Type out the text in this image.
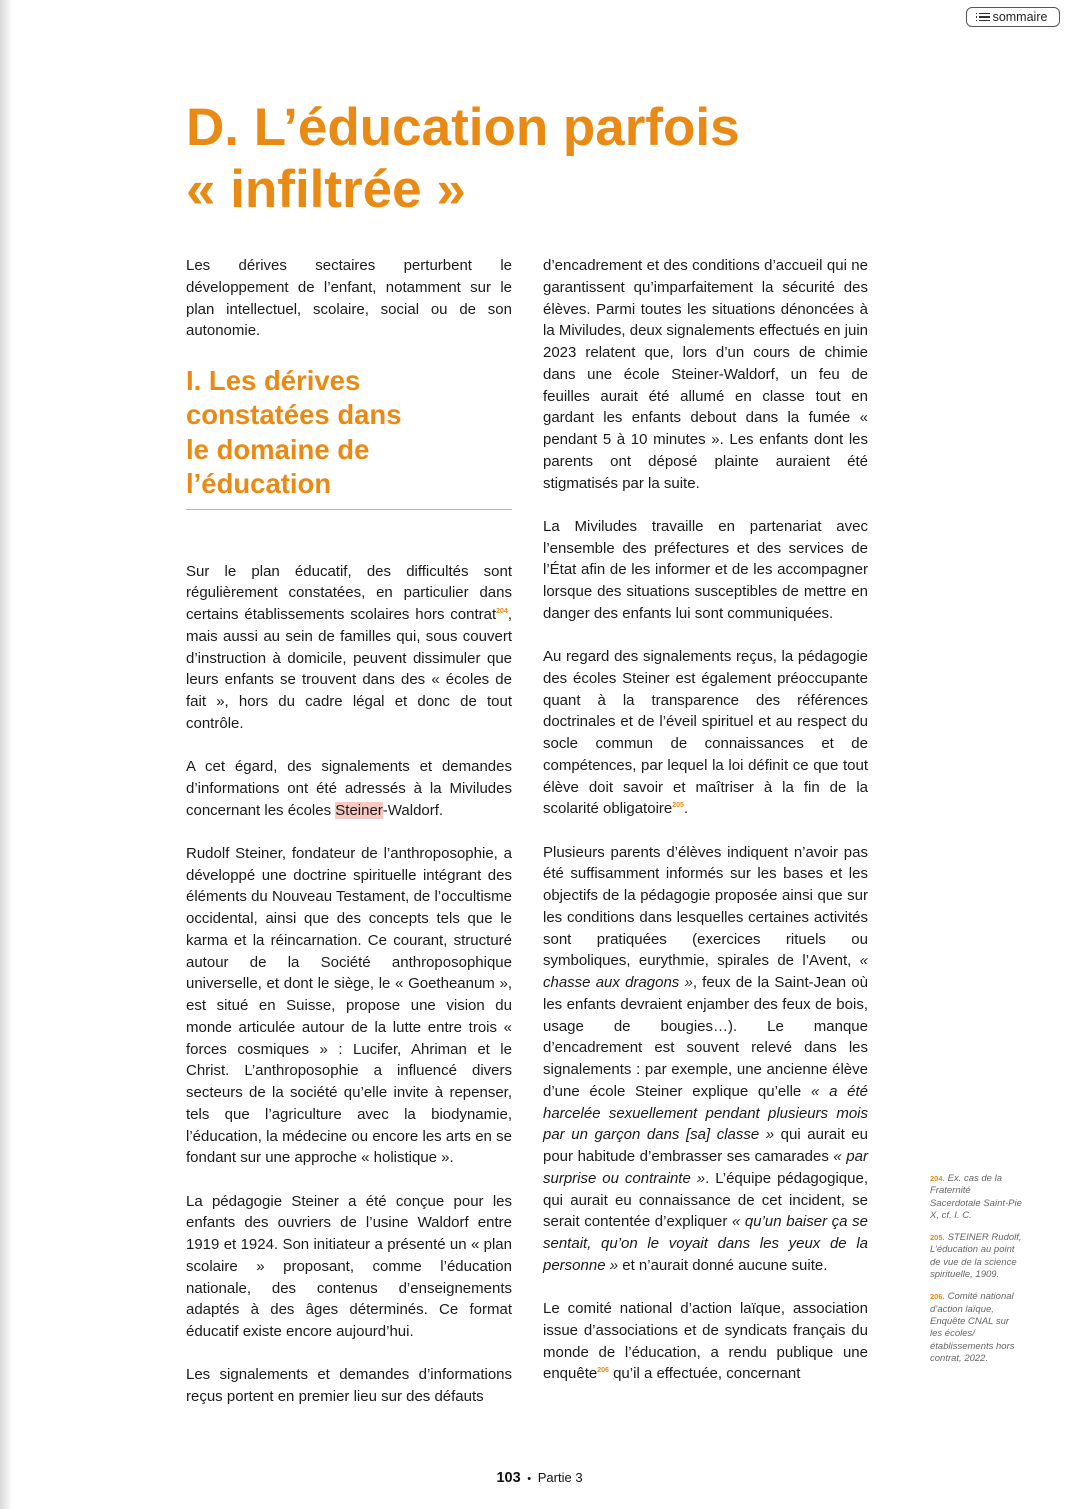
sommaire
D. L’éducation parfois
« infiltrée »

Les dérives sectaires perturbent le développement de l’enfant, notamment sur le plan intellectuel, scolaire, social ou de son autonomie.

I. Les dérives
constatées dans
le domaine de
l’éducation

Sur le plan éducatif, des difficultés sont régulièrement constatées, en particulier dans certains établissements scolaires hors contrat$^{204}$, mais aussi au sein de familles qui, sous couvert d’instruction à domicile, peuvent dissimuler que leurs enfants se trouvent dans des « écoles de fait », hors du cadre légal et donc de tout contrôle.

A cet égard, des signalements et demandes d’informations ont été adressés à la Miviludes concernant les écoles Steiner-Waldorf.

Rudolf Steiner, fondateur de l’anthroposophie, a développé une doctrine spirituelle intégrant des éléments du Nouveau Testament, de l’occultisme occidental, ainsi que des concepts tels que le karma et la réincarnation. Ce courant, structuré autour de la Société anthroposophique universelle, et dont le siège, le « Goetheanum », est situé en Suisse, propose une vision du monde articulée autour de la lutte entre trois « forces cosmiques » : Lucifer, Ahriman et le Christ. L’anthroposophie a influencé divers secteurs de la société qu’elle invite à repenser, tels que l’agriculture avec la biodynamie, l’éducation, la médecine ou encore les arts en se fondant sur une approche « holistique ».

La pédagogie Steiner a été conçue pour les enfants des ouvriers de l’usine Waldorf entre 1919 et 1924. Son initiateur a présenté un « plan scolaire » proposant, comme l’éducation nationale, des contenus d’enseignements adaptés à des âges déterminés. Ce format éducatif existe encore aujourd’hui.

Les signalements et demandes d’informations reçus portent en premier lieu sur des défauts

d’encadrement et des conditions d’accueil qui ne garantissent qu’imparfaitement la sécurité des élèves. Parmi toutes les situations dénoncées à la Miviludes, deux signalements effectués en juin 2023 relatent que, lors d’un cours de chimie dans une école Steiner-Waldorf, un feu de feuilles aurait été allumé en classe tout en gardant les enfants debout dans la fumée « pendant 5 à 10 minutes ». Les enfants dont les parents ont déposé plainte auraient été stigmatisés par la suite.

La Miviludes travaille en partenariat avec l’ensemble des préfectures et des services de l’État afin de les informer et de les accompagner lorsque des situations susceptibles de mettre en danger des enfants lui sont communiquées.

Au regard des signalements reçus, la pédagogie des écoles Steiner est également préoccupante quant à la transparence des références doctrinales et de l’éveil spirituel et au respect du socle commun de connaissances et de compétences, par lequel la loi définit ce que tout élève doit savoir et maîtriser à la fin de la scolarité obligatoire$^{205}$.

Plusieurs parents d’élèves indiquent n’avoir pas été suffisamment informés sur les bases et les objectifs de la pédagogie proposée ainsi que sur les conditions dans lesquelles certaines activités sont pratiquées (exercices rituels ou symboliques, eurythmie, spirales de l’Avent, « chasse aux dragons », feux de la Saint-Jean où les enfants devraient enjamber des feux de bois, usage de bougies…). Le manque d’encadrement est souvent relevé dans les signalements : par exemple, une ancienne élève d’une école Steiner explique qu’elle « a été harcelée sexuellement pendant plusieurs mois par un garçon dans [sa] classe » qui aurait eu pour habitude d’embrasser ses camarades « par surprise ou contrainte ». L’équipe pédagogique, qui aurait eu connaissance de cet incident, se serait contentée d’expliquer « qu’un baiser ça se sentait, qu’on le voyait dans les yeux de la personne » et n’aurait donné aucune suite.

Le comité national d’action laïque, association issue d’associations et de syndicats français du monde de l’éducation, a rendu publique une enquête$^{206}$ qu’il a effectuée, concernant

204. Ex. cas de la Fraternité Sacerdotale Saint-Pie X, cf. I. C.
205. STEINER Rudolf, L’éducation au point de vue de la science spirituelle, 1909.
206. Comité national d’action laïque, Enquête CNAL sur les écoles/ établissements hors contrat, 2022.
103 • Partie 3
